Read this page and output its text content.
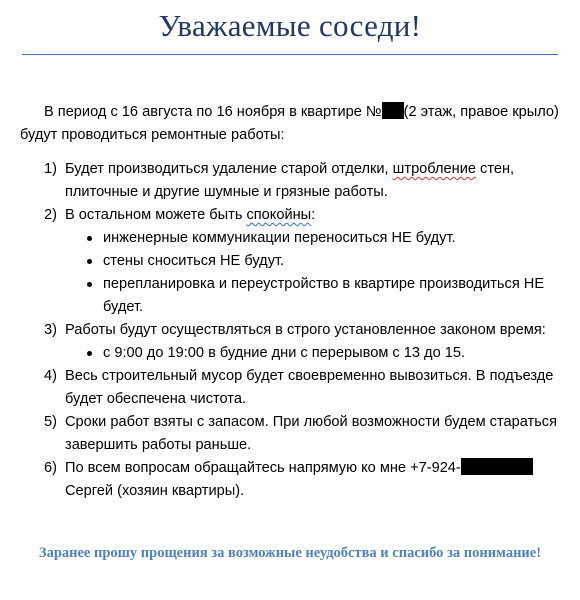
Уважаемые соседи!

В период с 16 августа по 16 ноября в квартире № (2 этаж, правое крыло) будут проводиться ремонтные работы:

1) Будет производиться удаление старой отделки, штробление стен, плиточные и другие шумные и грязные работы.
2) В остальном можете быть спокойны:
инженерные коммуникации переноситься НЕ будут.
стены сноситься НЕ будут.
перепланировка и переустройство в квартире производиться НЕ будет.
3) Работы будут осуществляться в строго установленное законом время:
с 9:00 до 19:00 в будние дни с перерывом с 13 до 15.
4) Весь строительный мусор будет своевременно вывозиться. В подъезде будет обеспечена чистота.
5) Сроки работ взяты с запасом. При любой возможности будем стараться завершить работы раньше.
6) По всем вопросам обращайтесь напрямую ко мне +7-924-
Сергей (хозяин квартиры).
Заранее прошу прощения за возможные неудобства и спасибо за понимание!
